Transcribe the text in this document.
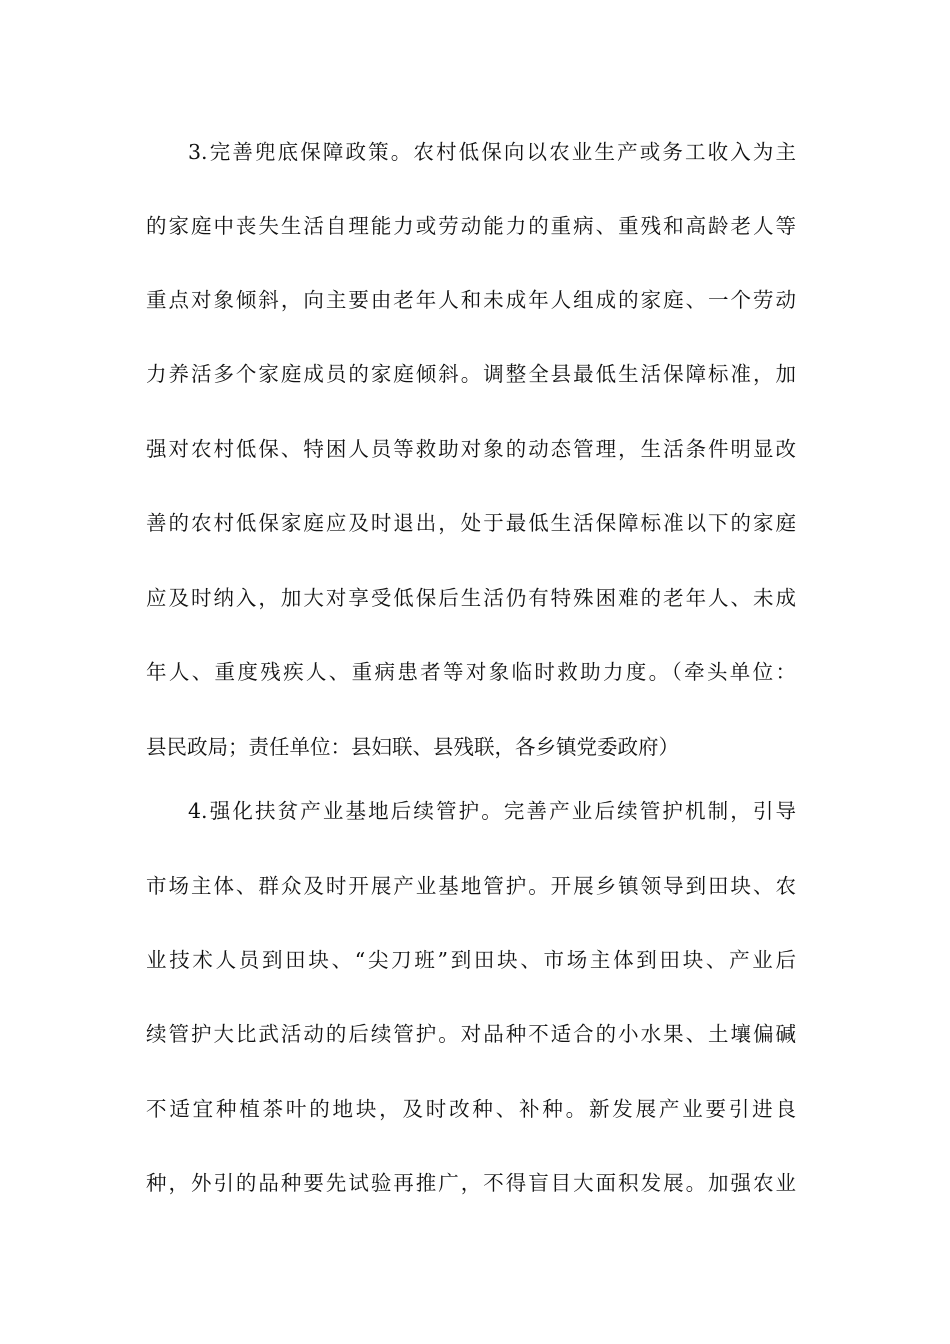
3.完善兜底保障政策。农村低保向以农业生产或务工收入为主
的家庭中丧失生活自理能力或劳动能力的重病、重残和高龄老人等
重点对象倾斜，向主要由老年人和未成年人组成的家庭、一个劳动
力养活多个家庭成员的家庭倾斜。调整全县最低生活保障标准，加
强对农村低保、特困人员等救助对象的动态管理，生活条件明显改
善的农村低保家庭应及时退出，处于最低生活保障标准以下的家庭
应及时纳入，加大对享受低保后生活仍有特殊困难的老年人、未成
年人、重度残疾人、重病患者等对象临时救助力度。（牵头单位：
县民政局；责任单位：县妇联、县残联，各乡镇党委政府）
4.强化扶贫产业基地后续管护。完善产业后续管护机制，引导
市场主体、群众及时开展产业基地管护。开展乡镇领导到田块、农
业技术人员到田块、“尖刀班”到田块、市场主体到田块、产业后
续管护大比武活动的后续管护。对品种不适合的小水果、土壤偏碱
不适宜种植茶叶的地块，及时改种、补种。新发展产业要引进良
种，外引的品种要先试验再推广，不得盲目大面积发展。加强农业
